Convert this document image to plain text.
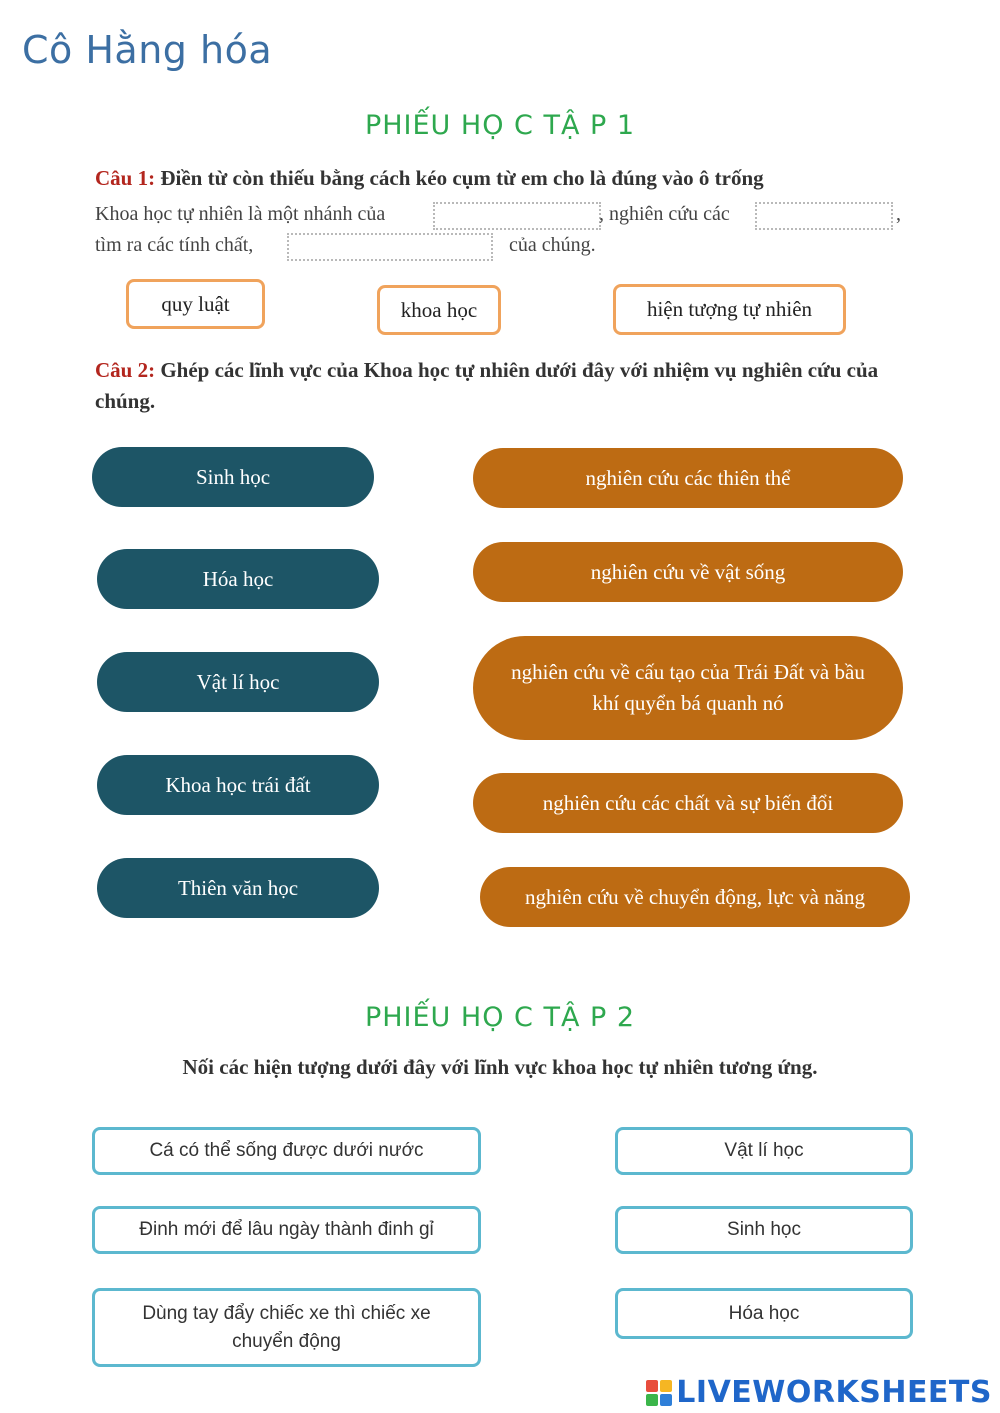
Cô Hằng hóa
PHIẾU HỌ C TẬ P 1
Câu 1: Điền từ còn thiếu bằng cách kéo cụm từ em cho là đúng vào ô trống
Khoa học tự nhiên là một nhánh của	, nghiên cứu các	,
tìm ra các tính chất,	của chúng.
quy luật	khoa học	hiện tượng tự nhiên
Câu 2: Ghép các lĩnh vực của Khoa học tự nhiên dưới đây với nhiệm vụ nghiên cứu của chúng.
Sinh học
Hóa học
Vật lí học
Khoa học trái đất
Thiên văn học
nghiên cứu các thiên thể
nghiên cứu về vật sống
nghiên cứu về cấu tạo của Trái Đất và bầu khí quyển bá quanh nó
nghiên cứu các chất và sự biến đổi
nghiên cứu về chuyển động, lực và năng
PHIẾU HỌ C TẬ P 2
Nối các hiện tượng dưới đây với lĩnh vực khoa học tự nhiên tương ứng.
Cá có thể sống được dưới nước
Đinh mới để lâu ngày thành đinh gỉ
Dùng tay đẩy chiếc xe thì chiếc xe chuyển động
Vật lí học
Sinh học
Hóa học
LIVEWORKSHEETS
